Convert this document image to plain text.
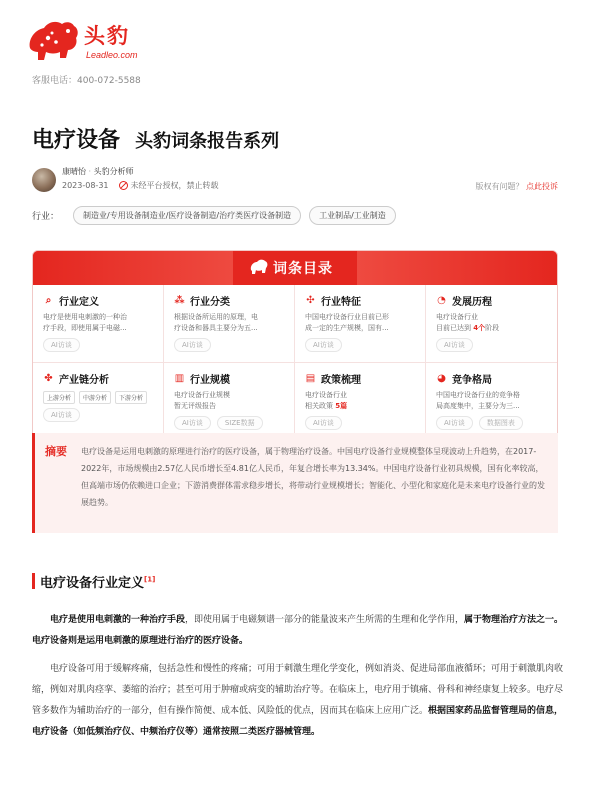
头豹
Leadleo.com
客服电话：400-072-5588
电疗设备 头豹词条报告系列
康晴怡 · 头豹分析师
2023-08-31	未经平台授权，禁止转载	版权有问题？ 点此投诉
行业：	制造业/专用设备制造业/医疗设备制造/治疗类医疗设备制造	工业制品/工业制造
词条目录
⌕ 行业定义
电疗是使用电刺激的一种治
疗手段，即使用属于电磁...
AI访谈
⁂ 行业分类
根据设备所运用的原理，电
疗设备和器具主要分为五...
AI访谈
✣ 行业特征
中国电疗设备行业目前已形
成一定的生产规模，国有...
AI访谈
◔ 发展历程
电疗设备行业
目前已达到 4个阶段
AI访谈
✤ 产业链分析
上游分析	中游分析	下游分析
AI访谈
▥ 行业规模
电疗设备行业规模
暂无评级报告
AI访谈	SIZE数据
▤ 政策梳理
电疗设备行业
相关政策 5篇
AI访谈
◕ 竞争格局
中国电疗设备行业的竞争格
局高度集中，主要分为三...
AI访谈	数据图表
摘要 电疗设备是运用电刺激的原理进行治疗的医疗设备，属于物理治疗设备。中国电疗设备行业规模整体呈现波动上升趋势，在2017-2022年，市场规模由2.57亿人民币增长至4.81亿人民币，年复合增长率为13.34%。中国电疗设备行业初具规模，国有化率较高，但高端市场仍依赖进口企业；下游消费群体需求稳步增长，将带动行业规模增长；智能化、小型化和家庭化是未来电疗设备行业的发展趋势。
电疗设备行业定义[1]
电疗是使用电刺激的一种治疗手段，即使用属于电磁频谱一部分的能量波来产生所需的生理和化学作用，属于物理治疗方法之一。电疗设备则是运用电刺激的原理进行治疗的医疗设备。
电疗设备可用于缓解疼痛，包括急性和慢性的疼痛；可用于刺激生理化学变化，例如消炎、促进局部血液循环；可用于刺激肌肉收缩，例如对肌肉痉挛、萎缩的治疗；甚至可用于肿瘤或病变的辅助治疗等。在临床上，电疗用于镇痛、骨科和神经康复上较多。电疗尽管多数作为辅助治疗的一部分，但有操作简便、成本低、风险低的优点，因而其在临床上应用广泛。根据国家药品监督管理局的信息，电疗设备（如低频治疗仪、中频治疗仪等）通常按照二类医疗器械管理。
